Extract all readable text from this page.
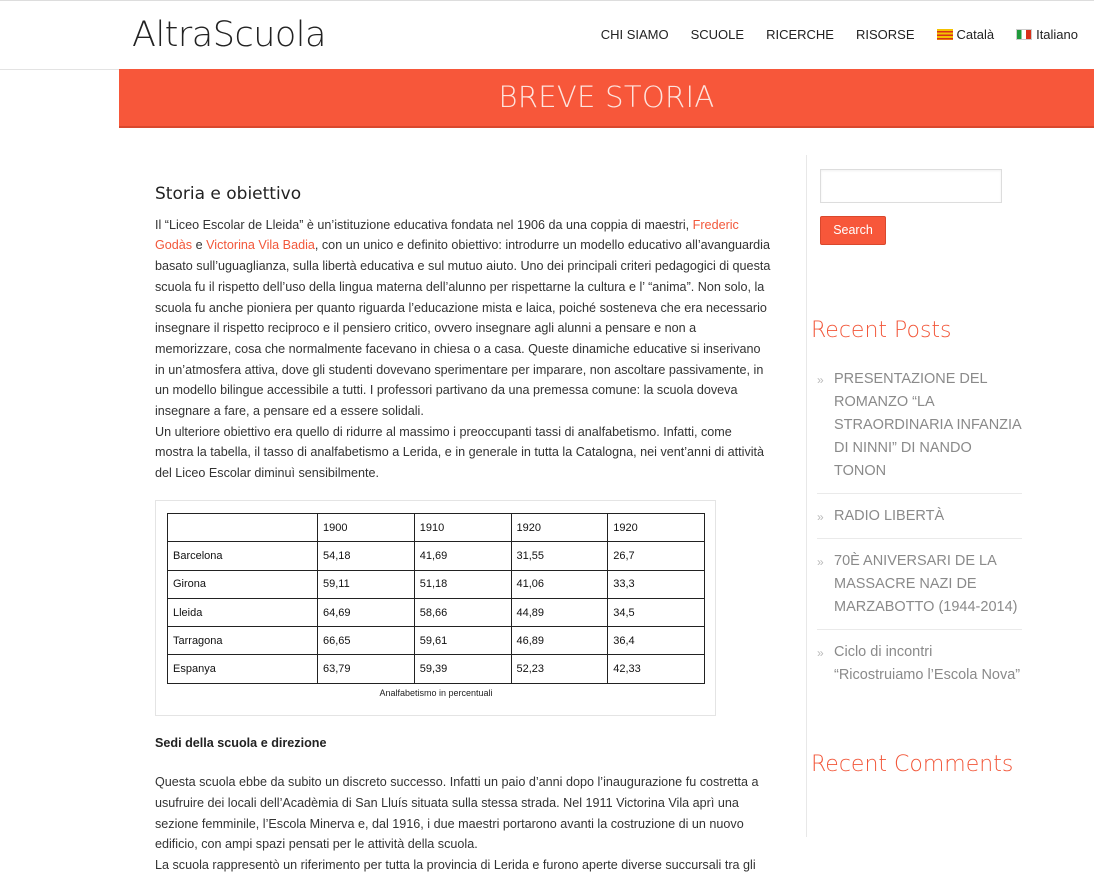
AltraScuola	CHI SIAMO SCUOLE RICERCHE RISORSE	Català	Italiano
BREVE STORIA
Storia e obiettivo

Il “Liceo Escolar de Lleida” è un’istituzione educativa fondata nel 1906 da una coppia di maestri, Frederic Godàs e Victorina Vila Badia, con un unico e definito obiettivo: introdurre un modello educativo all’avanguardia basato sull’uguaglianza, sulla libertà educativa e sul mutuo aiuto. Uno dei principali criteri pedagogici di questa scuola fu il rispetto dell’uso della lingua materna dell’alunno per rispettarne la cultura e l’ “anima”. Non solo, la scuola fu anche pioniera per quanto riguarda l’educazione mista e laica, poiché sosteneva che era necessario insegnare il rispetto reciproco e il pensiero critico, ovvero insegnare agli alunni a pensare e non a memorizzare, cosa che normalmente facevano in chiesa o a casa. Queste dinamiche educative si inserivano in un’atmosfera attiva, dove gli studenti dovevano sperimentare per imparare, non ascoltare passivamente, in un modello bilingue accessibile a tutti. I professori partivano da una premessa comune: la scuola doveva insegnare a fare, a pensare ed a essere solidali.

Un ulteriore obiettivo era quello di ridurre al massimo i preoccupanti tassi di analfabetismo. Infatti, come mostra la tabella, il tasso di analfabetismo a Lerida, e in generale in tutta la Catalogna, nei vent’anni di attività del Liceo Escolar diminuì sensibilmente.

	1900	1910	1920	1920
Barcelona	54,18	41,69	31,55	26,7
Girona	59,11	51,18	41,06	33,3
Lleida	64,69	58,66	44,89	34,5
Tarragona	66,65	59,61	46,89	36,4
Espanya	63,79	59,39	52,23	42,33
Analfabetismo in percentuali
Sedi della scuola e direzione

Questa scuola ebbe da subito un discreto successo. Infatti un paio d’anni dopo l’inaugurazione fu costretta a usufruire dei locali dell’Acadèmia di San Lluís situata sulla stessa strada. Nel 1911 Victorina Vila aprì una sezione femminile, l’Escola Minerva e, dal 1916, i due maestri portarono avanti la costruzione di un nuovo edificio, con ampi spazi pensati per le attività della scuola.

La scuola rappresentò un riferimento per tutta la provincia di Lerida e furono aperte diverse succursali tra gli

Search
Recent Posts
» PRESENTAZIONE DEL ROMANZO “LA STRAORDINARIA INFANZIA DI NINNI” DI NANDO TONON
» RADIO LIBERTÀ
» 70È ANIVERSARI DE LA MASSACRE NAZI DE MARZABOTTO (1944-2014)
» Ciclo di incontri “Ricostruiamo l’Escola Nova”
Recent Comments
